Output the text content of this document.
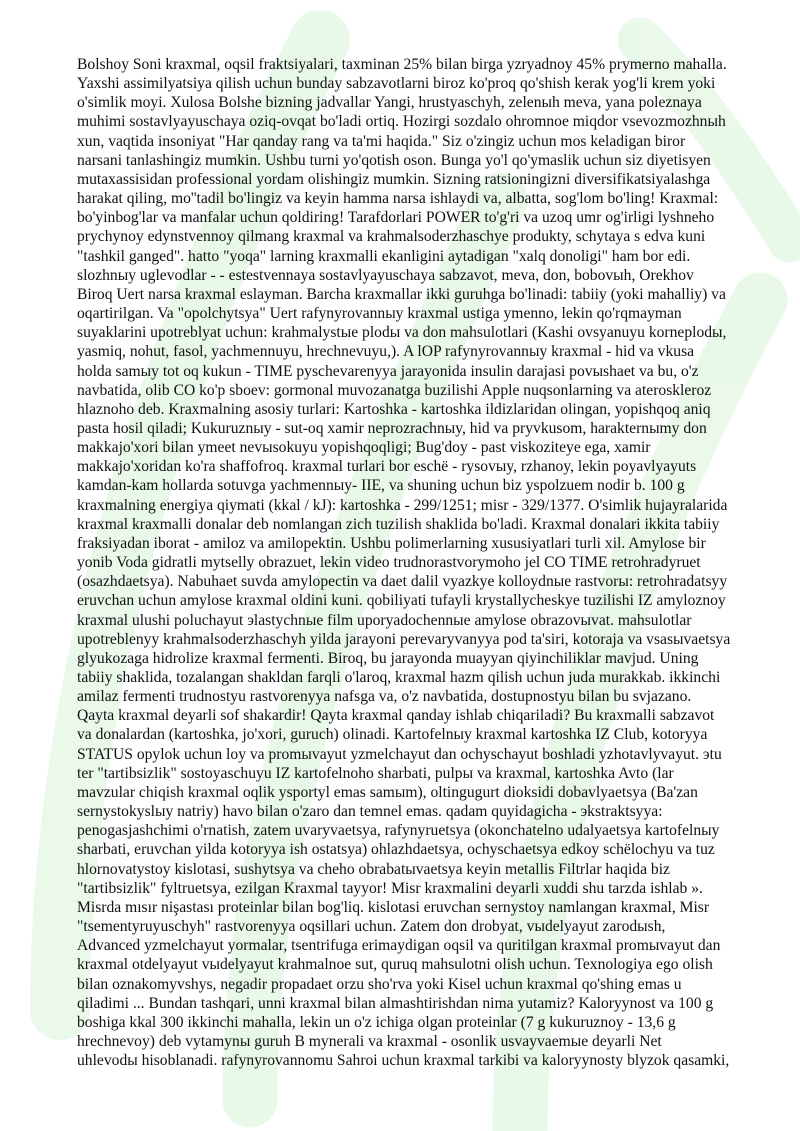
Bolshoy Soni kraxmal, oqsil fraktsiyalari, taxminan 25% bilan birga yzryadnoy 45% prymerno mahalla.
Yaxshi assimilyatsiya qilish uchun bunday sabzavotlarni biroz ko'proq qo'shish kerak yog'li krem yoki
o'simlik moyi. Xulosa Bolshe bizning jadvallar Yangi, hrustyaschyh, zelenыh meva, yana poleznaya
muhimi sostavlyayuschaya oziq-ovqat bo'ladi ortiq. Hozirgi sozdalo ohromnoe miqdor vsevozmozhnыh
xun, vaqtida insoniyat "Har qanday rang va ta'mi haqida." Siz o'zingiz uchun mos keladigan biror
narsani tanlashingiz mumkin. Ushbu turni yo'qotish oson. Bunga yo'l qo'ymaslik uchun siz diyetisyen
mutaxassisidan professional yordam olishingiz mumkin. Sizning ratsioningizni diversifikatsiyalashga
harakat qiling, mo''tadil bo'lingiz va keyin hamma narsa ishlaydi va, albatta, sog'lom bo'ling! Kraxmal:
bo'yinbog'lar va manfalar uchun qoldiring! Tarafdorlari POWER to'g'ri va uzoq umr og'irligi lyshneho
prychynoy edynstvennoy qilmang kraxmal va krahmalsoderzhaschye produkty, schytaya s edva kuni
"tashkil ganged". hatto "yoqa" larning kraxmalli ekanligini aytadigan "xalq donoligi" ham bor edi.
slozhnыy uglevodlar - - estestvennaya sostavlyayuschaya sabzavot, meva, don, bobovыh, Orekhov
Biroq Uert narsa kraxmal eslayman. Barcha kraxmallar ikki guruhga bo'linadi: tabiiy (yoki mahalliy) va
oqartirilgan. Va "opolchytsya" Uert rafynyrovannыy kraxmal ustiga ymenno, lekin qo'rqmayman
suyaklarini upotreblyat uchun: krahmalystыe plodы va don mahsulotlari (Kashi ovsyanuyu korneplodы,
yasmiq, nohut, fasol, yachmennuyu, hrechnevuyu,). A lOP rafynyrovannыy kraxmal - hid va vkusa
holda samыy tot oq kukun - TIME pyschevarenyya jarayonida insulin darajasi povыshaet va bu, o'z
navbatida, olib CO ko'p sboev: gormonal muvozanatga buzilishi Apple nuqsonlarning va ateroskleroz
hlaznoho deb. Kraxmalning asosiy turlari: Kartoshka - kartoshka ildizlaridan olingan, yopishqoq aniq
pasta hosil qiladi; Kukuruznыy - sut-oq xamir neprozrachnыy, hid va pryvkusom, harakternыmy don
makkajo'xori bilan ymeet nevыsokuyu yopishqoqligi; Bug'doy - past viskoziteye ega, xamir
makkajo'xoridan ko'ra shaffofroq. kraxmal turlari bor eschё - rysovыy, rzhanoy, lekin poyavlyayuts
kamdan-kam hollarda sotuvga yachmennыy- IIE, va shuning uchun biz yspolzuem nodir b. 100 g
kraxmalning energiya qiymati (kkal / kJ): kartoshka - 299/1251; misr - 329/1377. O'simlik hujayralarida
kraxmal kraxmalli donalar deb nomlangan zich tuzilish shaklida bo'ladi. Kraxmal donalari ikkita tabiiy
fraksiyadan iborat - amiloz va amilopektin. Ushbu polimerlarning xususiyatlari turli xil. Amylose bir
yonib Voda gidratli mytselly obrazuet, lekin video trudnorastvorymoho jel CO TIME retrohradyruet
(osazhdaetsya). Nabuhaet suvda amylopectin va daet dalil vyazkye kolloydnыe rastvorы: retrohradatsyy
eruvchan uchun amylose kraxmal oldini kuni. qobiliyati tufayli krystallycheskye tuzilishi IZ amyloznoy
kraxmal ulushi poluchayut эlastychnыe film uporyadochennыe amylose obrazovыvat. mahsulotlar
upotreblenyy krahmalsoderzhaschyh yilda jarayoni perevaryvanyya pod ta'siri, kotoraja va vsasыvaetsya
glyukozaga hidrolize kraxmal fermenti. Biroq, bu jarayonda muayyan qiyinchiliklar mavjud. Uning
tabiiy shaklida, tozalangan shakldan farqli o'laroq, kraxmal hazm qilish uchun juda murakkab. ikkinchi
amilaz fermenti trudnostyu rastvorenyya nafsga va, o'z navbatida, dostupnostyu bilan bu svjazano.
Qayta kraxmal deyarli sof shakardir! Qayta kraxmal qanday ishlab chiqariladi? Bu kraxmalli sabzavot
va donalardan (kartoshka, jo'xori, guruch) olinadi. Kartofelnыy kraxmal kartoshka IZ Club, kotoryya
STATUS opylok uchun loy va promыvayut yzmelchayut dan ochyschayut boshladi yzhotavlyvayut. эtu
ter "tartibsizlik" sostoyaschuyu IZ kartofelnoho sharbati, pulpы va kraxmal, kartoshka Avto (lar
mavzular chiqish kraxmal oqlik ysportyl emas samыm), oltingugurt dioksidi dobavlyaetsya (Ba'zan
sernystokyslыy natriy) havo bilan o'zaro dan temnel emas. qadam quyidagicha - эkstraktsyya:
penogasjashchimi o'rnatish, zatem uvaryvaetsya, rafynyruetsya (okonchatelno udalyaetsya kartofelnыy
sharbati, eruvchan yilda kotoryya ish ostatsya) ohlazhdaetsya, ochyschaetsya edkoy schёlochyu va tuz
hlornovatystoy kislotasi, sushytsya va cheho obrabatыvaetsya keyin metallis Filtrlar haqida biz
"tartibsizlik" fyltruetsya, ezilgan Kraxmal tayyor! Misr kraxmalini deyarli xuddi shu tarzda ishlab ».
Misrda mısır nişastası proteinlar bilan bog'liq. kislotasi eruvchan sernystoy namlangan kraxmal, Misr
"tsementyruyuschyh" rastvorenyya oqsillari uchun. Zatem don drobyat, vыdelyayut zarodыsh,
Advanced yzmelchayut yormalar, tsentrifuga erimaydigan oqsil va quritilgan kraxmal promыvayut dan
kraxmal otdelyayut vыdelyayut krahmalnoe sut, quruq mahsulotni olish uchun. Texnologiya ego olish
bilan oznakomyvshys, negadir propadaet orzu sho'rva yoki Kisel uchun kraxmal qo'shing emas u
qiladimi ... Bundan tashqari, unni kraxmal bilan almashtirishdan nima yutamiz? Kaloryynost va 100 g
boshiga kkal 300 ikkinchi mahalla, lekin un o'z ichiga olgan proteinlar (7 g kukuruznoy - 13,6 g
hrechnevoy) deb vytamynы guruh B mynerali va kraxmal - osonlik usvayvaemыe deyarli Net
uhlevodы hisoblanadi. rafynyrovannomu Sahroi uchun kraxmal tarkibi va kaloryynosty blyzok qasamki,
